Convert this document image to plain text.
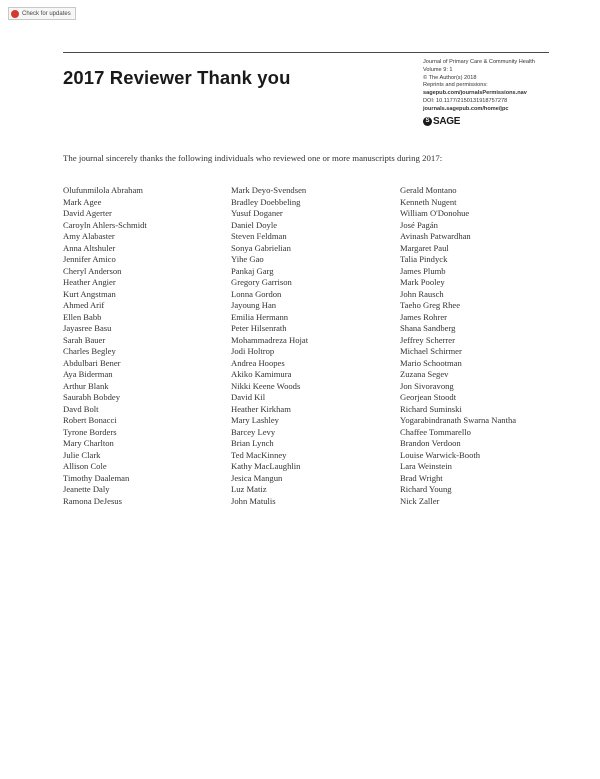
Check for updates
2017 Reviewer Thank you
Journal of Primary Care & Community Health
Volume 9: 1
© The Author(s) 2018
Reprints and permissions:
sagepub.com/journalsPermissions.nav
DOI: 10.1177/2150131918757278
journals.sagepub.com/home/jpc
S SAGE

The journal sincerely thanks the following individuals who reviewed one or more manuscripts during 2017:

Olufunmilola Abraham
Mark Agee
David Agerter
Caroyln Ahlers-Schmidt
Amy Alabaster
Anna Altshuler
Jennifer Amico
Cheryl Anderson
Heather Angier
Kurt Angstman
Ahmed Arif
Ellen Babb
Jayasree Basu
Sarah Bauer
Charles Begley
Abdulbari Bener
Aya Biderman
Arthur Blank
Saurabh Bobdey
Davd Bolt
Robert Bonacci
Tyrone Borders
Mary Charlton
Julie Clark
Allison Cole
Timothy Daaleman
Jeanette Daly
Ramona DeJesus
Mark Deyo-Svendsen
Bradley Doebbeling
Yusuf Doganer
Daniel Doyle
Steven Feldman
Sonya Gabrielian
Yihe Gao
Pankaj Garg
Gregory Garrison
Lonna Gordon
Jayoung Han
Emilia Hermann
Peter Hilsenrath
Mohammadreza Hojat
Jodi Holtrop
Andrea Hoopes
Akiko Kamimura
Nikki Keene Woods
David Kil
Heather Kirkham
Mary Lashley
Barcey Levy
Brian Lynch
Ted MacKinney
Kathy MacLaughlin
Jesica Mangun
Luz Matiz
John Matulis
Gerald Montano
Kenneth Nugent
William O'Donohue
José Pagán
Avinash Patwardhan
Margaret Paul
Talia Pindyck
James Plumb
Mark Pooley
John Rausch
Taeho Greg Rhee
James Rohrer
Shana Sandberg
Jeffrey Scherrer
Michael Schirmer
Mario Schootman
Zuzana Segev
Jon Sivoravong
Georjean Stoodt
Richard Suminski
Yogarabindranath Swarna Nantha
Chaffee Tommarello
Brandon Verdoon
Louise Warwick-Booth
Lara Weinstein
Brad Wright
Richard Young
Nick Zaller
